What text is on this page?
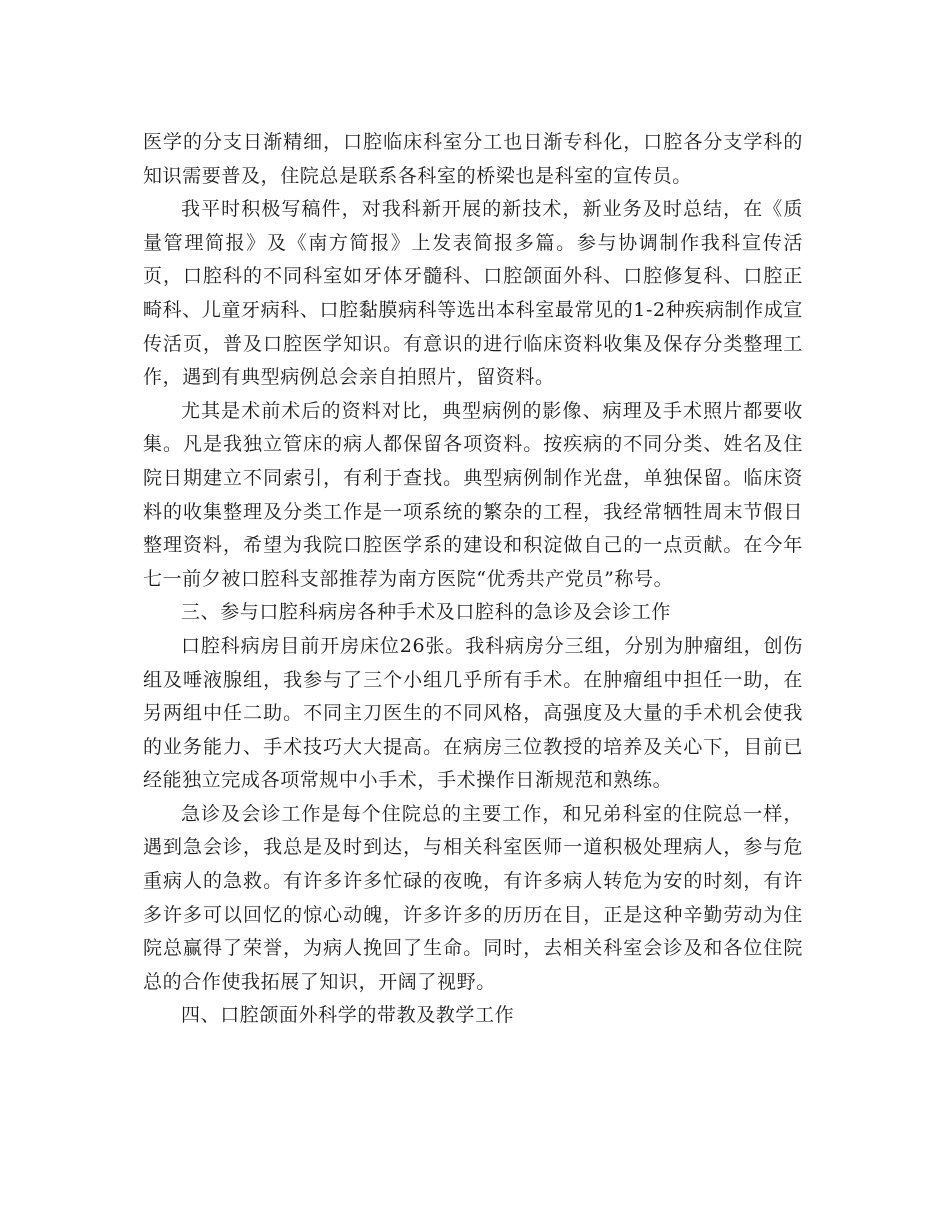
医学的分支日渐精细，口腔临床科室分工也日渐专科化，口腔各分支学科的知识需要普及，住院总是联系各科室的桥梁也是科室的宣传员。

我平时积极写稿件，对我科新开展的新技术，新业务及时总结，在《质量管理简报》及《南方简报》上发表简报多篇。参与协调制作我科宣传活页，口腔科的不同科室如牙体牙髓科、口腔颌面外科、口腔修复科、口腔正畸科、儿童牙病科、口腔黏膜病科等选出本科室最常见的1-2种疾病制作成宣传活页，普及口腔医学知识。有意识的进行临床资料收集及保存分类整理工作，遇到有典型病例总会亲自拍照片，留资料。

尤其是术前术后的资料对比，典型病例的影像、病理及手术照片都要收集。凡是我独立管床的病人都保留各项资料。按疾病的不同分类、姓名及住院日期建立不同索引，有利于查找。典型病例制作光盘，单独保留。临床资料的收集整理及分类工作是一项系统的繁杂的工程，我经常牺牲周末节假日整理资料，希望为我院口腔医学系的建设和积淀做自己的一点贡献。在今年七一前夕被口腔科支部推荐为南方医院“优秀共产党员”称号。

三、参与口腔科病房各种手术及口腔科的急诊及会诊工作

口腔科病房目前开房床位26张。我科病房分三组，分别为肿瘤组，创伤组及唾液腺组，我参与了三个小组几乎所有手术。在肿瘤组中担任一助，在另两组中任二助。不同主刀医生的不同风格，高强度及大量的手术机会使我的业务能力、手术技巧大大提高。在病房三位教授的培养及关心下，目前已经能独立完成各项常规中小手术，手术操作日渐规范和熟练。

急诊及会诊工作是每个住院总的主要工作，和兄弟科室的住院总一样，遇到急会诊，我总是及时到达，与相关科室医师一道积极处理病人，参与危重病人的急救。有许多许多忙碌的夜晚，有许多病人转危为安的时刻，有许多许多可以回忆的惊心动魄，许多许多的历历在目，正是这种辛勤劳动为住院总赢得了荣誉，为病人挽回了生命。同时，去相关科室会诊及和各位住院总的合作使我拓展了知识，开阔了视野。

四、口腔颌面外科学的带教及教学工作
